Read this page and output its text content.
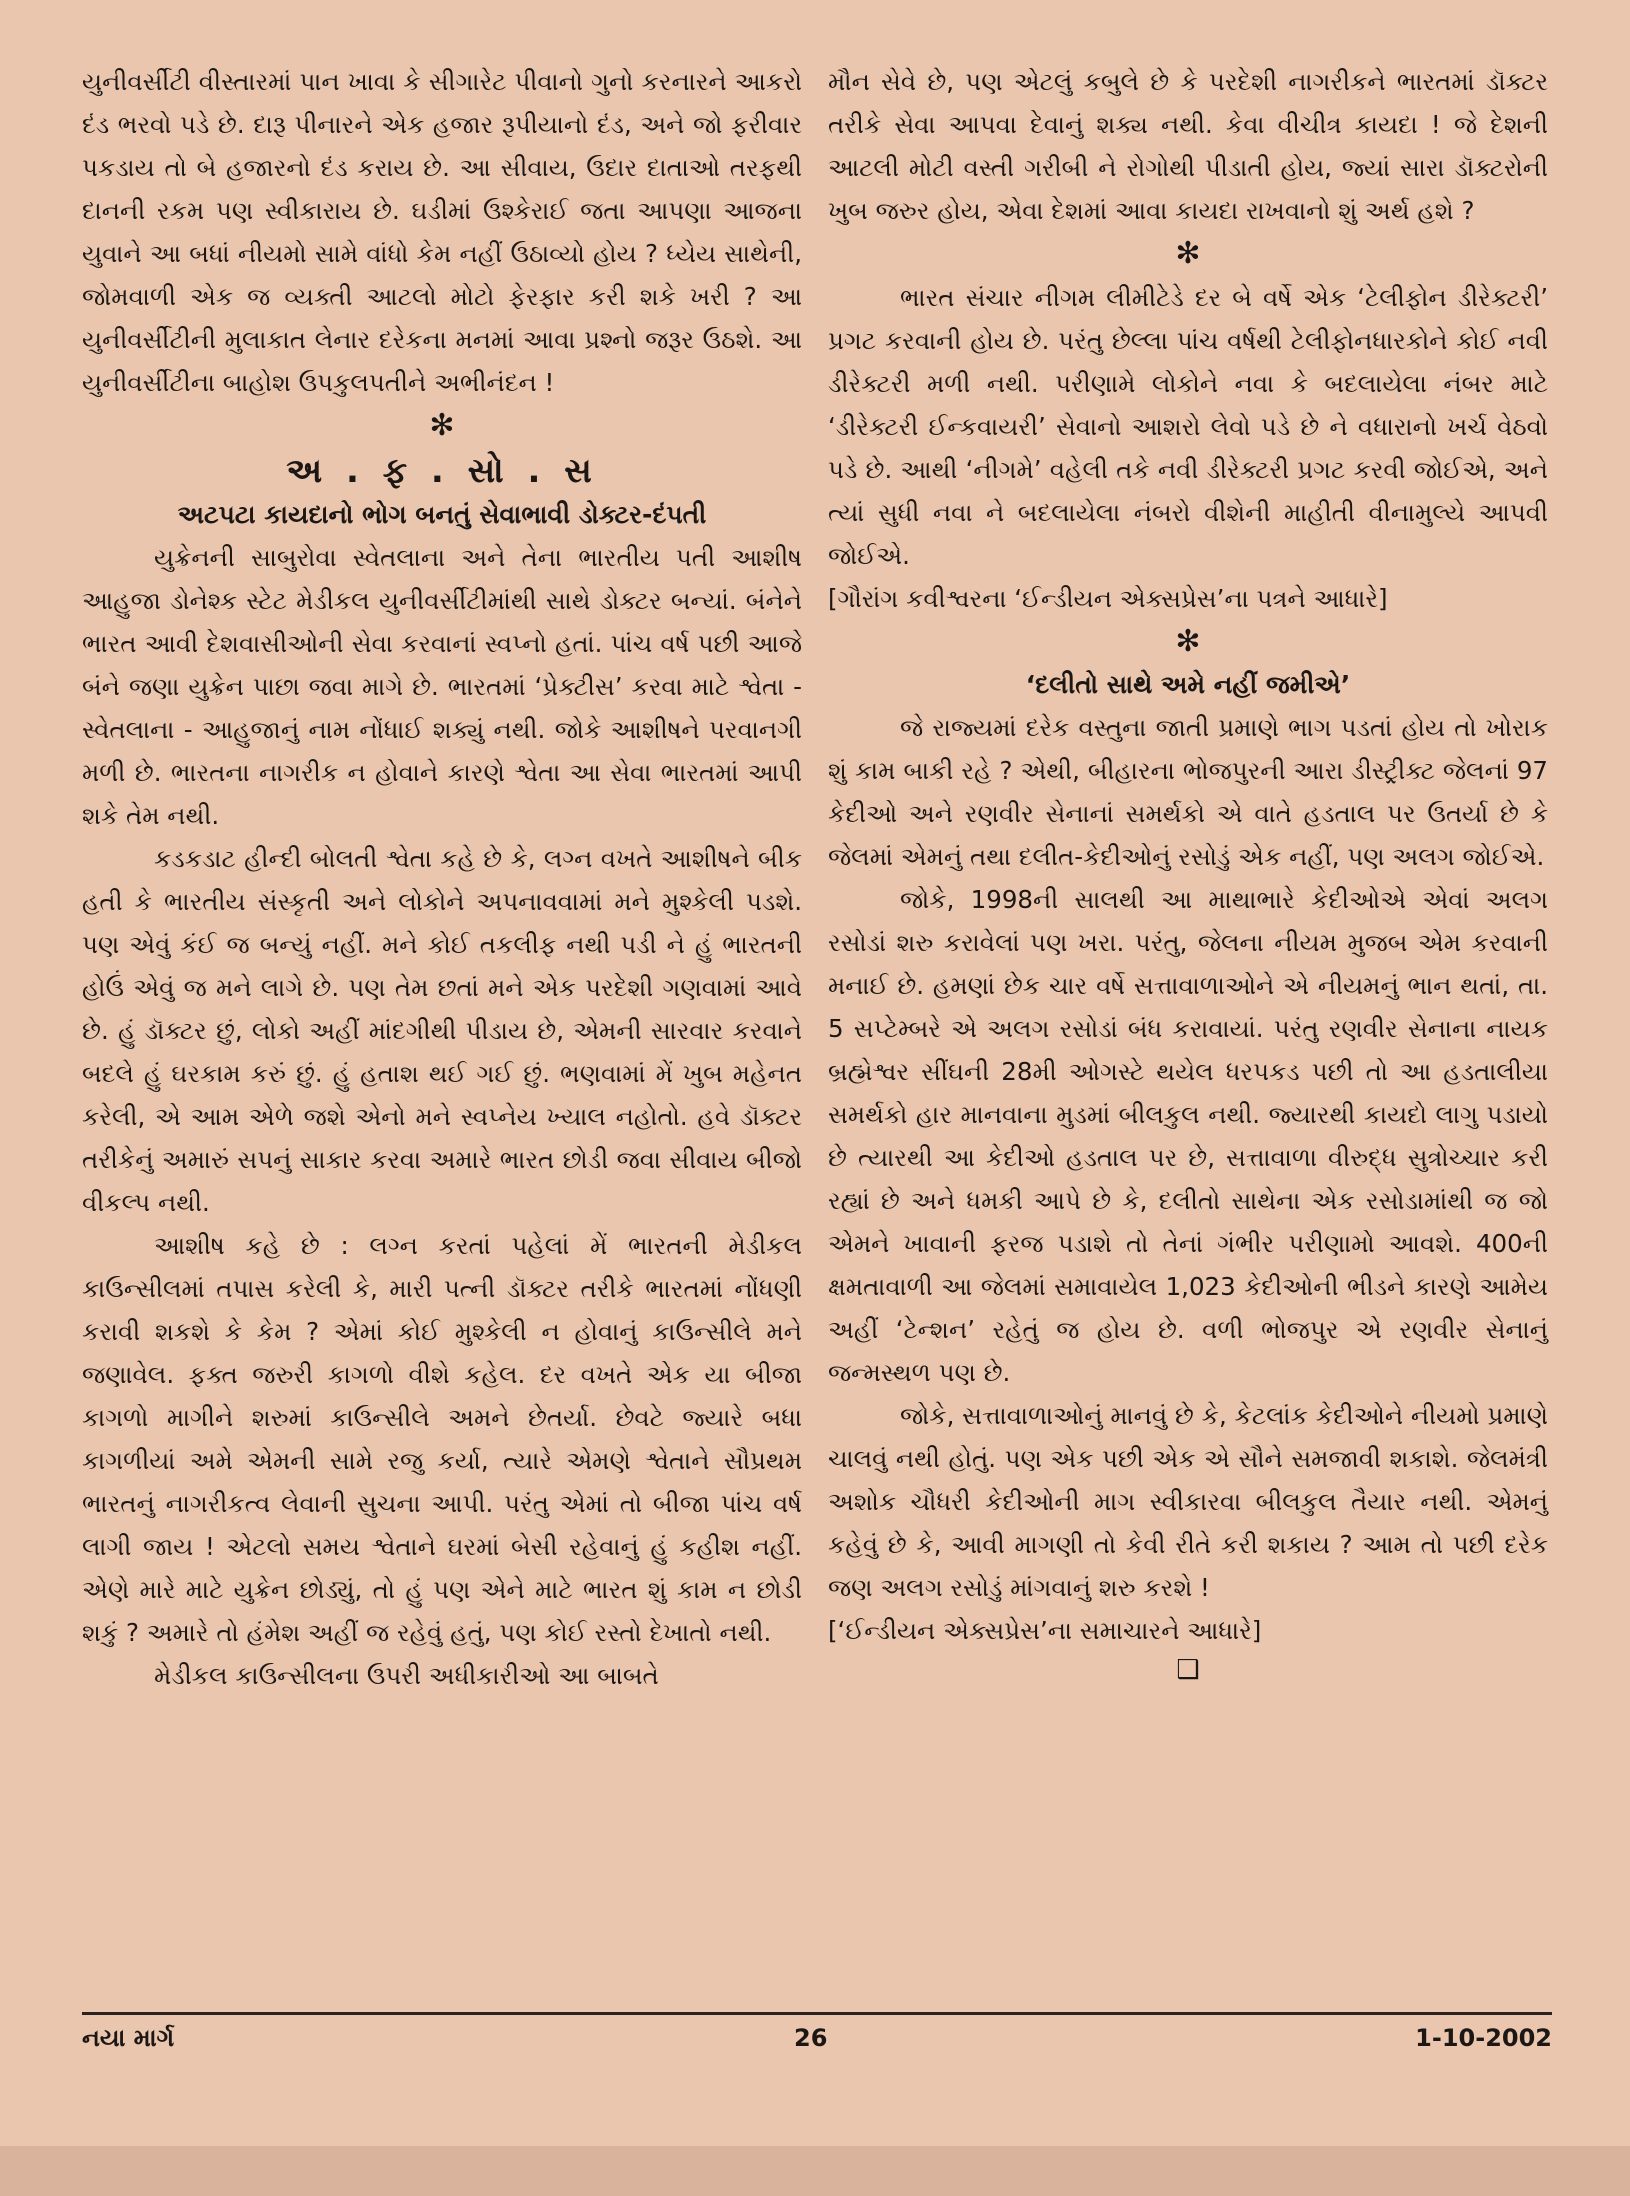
યુનીવર્સીટી વીસ્તારમાં પાન ખાવા કે સીગારેટ પીવાનો ગુનો કરનારને આકરો દંડ ભરવો પડે છે. દારૂ પીનારને એક હજાર રૂપીયાનો દંડ, અને જો ફરીવાર પકડાય તો બે હજારનો દંડ કરાય છે. આ સીવાય, ઉદાર દાતાઓ તરફથી દાનની રકમ પણ સ્વીકારાય છે. ઘડીમાં ઉશ્કેરાઈ જતા આપણા આજના યુવાને આ બધાં નીયમો સામે વાંધો કેમ નહીં ઉઠાવ્યો હોય ? ધ્યેય સાથેની, જોમવાળી એક જ વ્યક્તી આટલો મોટો ફેરફાર કરી શકે ખરી ? આ યુનીવર્સીટીની મુલાકાત લેનાર દરેકના મનમાં આવા પ્રશ્નો જરૂર ઉઠશે. આ યુનીવર્સીટીના બાહોશ ઉપકુલપતીને અભીનંદન !

✻
અ . ફ . સો . સ
અટપટા કાયદાનો ભોગ બનતું સેવાભાવી ડોક્ટર-દંપતી

યુક્રેનની સાબુરોવા સ્વેતલાના અને તેના ભારતીય પતી આશીષ આહુજા ડોનેશ્ક સ્ટેટ મેડીકલ યુનીવર્સીટીમાંથી સાથે ડોક્ટર બન્યાં. બંનેને ભારત આવી દેશવાસીઓની સેવા કરવાનાં સ્વપ્નો હતાં. પાંચ વર્ષ પછી આજે બંને જણા યુક્રેન પાછા જવા માગે છે. ભારતમાં ‘પ્રેક્ટીસ’ કરવા માટે શ્વેતા - સ્વેતલાના - આહુજાનું નામ નોંધાઈ શક્યું નથી. જોકે આશીષને પરવાનગી મળી છે. ભારતના નાગરીક ન હોવાને કારણે શ્વેતા આ સેવા ભારતમાં આપી શકે તેમ નથી.

કડકડાટ હીન્દી બોલતી શ્વેતા કહે છે કે, લગ્ન વખતે આશીષને બીક હતી કે ભારતીય સંસ્કૃતી અને લોકોને અપનાવવામાં મને મુશ્કેલી પડશે. પણ એવું કંઈ જ બન્યું નહીં. મને કોઈ તકલીફ નથી પડી ને હું ભારતની હોઉં એવું જ મને લાગે છે. પણ તેમ છતાં મને એક પરદેશી ગણવામાં આવે છે. હું ડૉક્ટર છું, લોકો અહીં માંદગીથી પીડાય છે, એમની સારવાર કરવાને બદલે હું ઘરકામ કરું છું. હું હતાશ થઈ ગઈ છું. ભણવામાં મેં ખુબ મહેનત કરેલી, એ આમ એળે જશે એનો મને સ્વપ્નેય ખ્યાલ નહોતો. હવે ડૉક્ટર તરીકેનું અમારું સપનું સાકાર કરવા અમારે ભારત છોડી જવા સીવાય બીજો વીકલ્પ નથી.

આશીષ કહે છે : લગ્ન કરતાં પહેલાં મેં ભારતની મેડીકલ કાઉન્સીલમાં તપાસ કરેલી કે, મારી પત્ની ડૉક્ટર તરીકે ભારતમાં નોંધણી કરાવી શકશે કે કેમ ? એમાં કોઈ મુશ્કેલી ન હોવાનું કાઉન્સીલે મને જણાવેલ. ફક્ત જરુરી કાગળો વીશે કહેલ. દર વખતે એક યા બીજા કાગળો માગીને શરુમાં કાઉન્સીલે અમને છેતર્યા. છેવટે જ્યારે બધા કાગળીયાં અમે એમની સામે રજુ કર્યા, ત્યારે એમણે શ્વેતાને સૌપ્રથમ ભારતનું નાગરીકત્વ લેવાની સુચના આપી. પરંતુ એમાં તો બીજા પાંચ વર્ષ લાગી જાય ! એટલો સમય શ્વેતાને ઘરમાં બેસી રહેવાનું હું કહીશ નહીં. એણે મારે માટે યુક્રેન છોડ્યું, તો હું પણ એને માટે ભારત શું કામ ન છોડી શકું ? અમારે તો હંમેશ અહીં જ રહેવું હતું, પણ કોઈ રસ્તો દેખાતો નથી.

મેડીકલ કાઉન્સીલના ઉપરી અધીકારીઓ આ બાબતે

મૌન સેવે છે, પણ એટલું કબુલે છે કે પરદેશી નાગરીકને ભારતમાં ડૉક્ટર તરીકે સેવા આપવા દેવાનું શક્ય નથી. કેવા વીચીત્ર કાયદા ! જે દેશની આટલી મોટી વસ્તી ગરીબી ને રોગોથી પીડાતી હોય, જ્યાં સારા ડૉક્ટરોની ખુબ જરુર હોય, એવા દેશમાં આવા કાયદા રાખવાનો શું અર્થ હશે ?

✻

ભારત સંચાર નીગમ લીમીટેડે દર બે વર્ષે એક ‘ટેલીફોન ડીરેક્ટરી’ પ્રગટ કરવાની હોય છે. પરંતુ છેલ્લા પાંચ વર્ષથી ટેલીફોનધારકોને કોઈ નવી ડીરેક્ટરી મળી નથી. પરીણામે લોકોને નવા કે બદલાયેલા નંબર માટે ‘ડીરેક્ટરી ઈન્કવાયરી’ સેવાનો આશરો લેવો પડે છે ને વધારાનો ખર્ચ વેઠવો પડે છે. આથી ‘નીગમે’ વહેલી તકે નવી ડીરેક્ટરી પ્રગટ કરવી જોઈએ, અને ત્યાં સુધી નવા ને બદલાયેલા નંબરો વીશેની માહીતી વીનામુલ્યે આપવી જોઈએ.

[ગૌરાંગ કવીશ્વરના ‘ઈન્ડીયન એક્સપ્રેસ’ના પત્રને આધારે]

✻
‘દલીતો સાથે અમે નહીં જમીએ’

જે રાજ્યમાં દરેક વસ્તુના જાતી પ્રમાણે ભાગ પડતાં હોય તો ખોરાક શું કામ બાકી રહે ? એથી, બીહારના ભોજપુરની આરા ડીસ્ટ્રીક્ટ જેલનાં 97 કેદીઓ અને રણવીર સેનાનાં સમર્થકો એ વાતે હડતાલ પર ઉતર્યા છે કે જેલમાં એમનું તથા દલીત-કેદીઓનું રસોડું એક નહીં, પણ અલગ જોઈએ.

જોકે, 1998ની સાલથી આ માથાભારે કેદીઓએ એવાં અલગ રસોડાં શરુ કરાવેલાં પણ ખરા. પરંતુ, જેલના નીયમ મુજબ એમ કરવાની મનાઈ છે. હમણાં છેક ચાર વર્ષે સત્તાવાળાઓને એ નીયમનું ભાન થતાં, તા. 5 સપ્ટેમ્બરે એ અલગ રસોડાં બંધ કરાવાયાં. પરંતુ રણવીર સેનાના નાયક બ્રહ્મેશ્વર સીંઘની 28મી ઓગસ્ટે થયેલ ધરપકડ પછી તો આ હડતાલીયા સમર્થકો હાર માનવાના મુડમાં બીલકુલ નથી. જ્યારથી કાયદો લાગુ પડાયો છે ત્યારથી આ કેદીઓ હડતાલ પર છે, સત્તાવાળા વીરુદ્ધ સુત્રોચ્ચાર કરી રહ્યાં છે અને ધમકી આપે છે કે, દલીતો સાથેના એક રસોડામાંથી જ જો એમને ખાવાની ફરજ પડાશે તો તેનાં ગંભીર પરીણામો આવશે. 400ની ક્ષમતાવાળી આ જેલમાં સમાવાયેલ 1,023 કેદીઓની ભીડને કારણે આમેય અહીં ‘ટેન્શન’ રહેતું જ હોય છે. વળી ભોજપુર એ રણવીર સેનાનું જન્મસ્થળ પણ છે.

જોકે, સત્તાવાળાઓનું માનવું છે કે, કેટલાંક કેદીઓને નીયમો પ્રમાણે ચાલવું નથી હોતું. પણ એક પછી એક એ સૌને સમજાવી શકાશે. જેલમંત્રી અશોક ચૌધરી કેદીઓની માગ સ્વીકારવા બીલકુલ તૈયાર નથી. એમનું કહેવું છે કે, આવી માગણી તો કેવી રીતે કરી શકાય ? આમ તો પછી દરેક જણ અલગ રસોડું માંગવાનું શરુ કરશે !

[‘ઈન્ડીયન એક્સપ્રેસ’ના સમાચારને આધારે]

❑
નયા માર્ગ	26	1-10-2002
